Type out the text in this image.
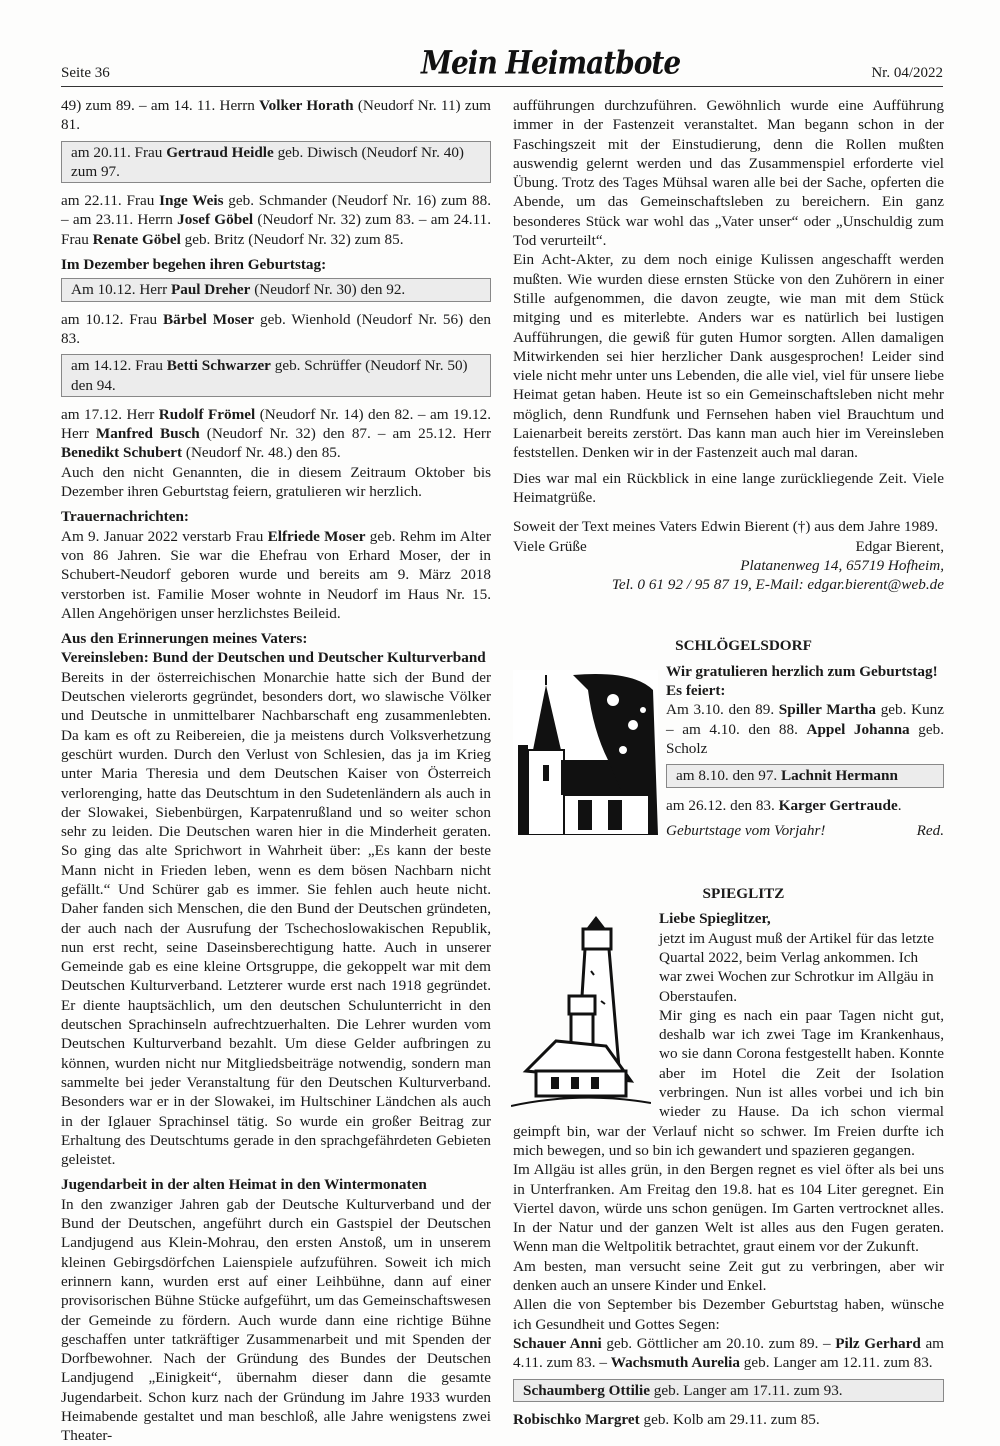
Seite 36	Mein Heimatbote	Nr. 04/2022

49) zum 89. – am 14. 11. Herrn Volker Horath (Neudorf Nr. 11) zum 81.

am 20.11. Frau Gertraud Heidle geb. Diwisch (Neudorf Nr. 40) zum 97.

am 22.11. Frau Inge Weis geb. Schmander (Neudorf Nr. 16) zum 88. – am 23.11. Herrn Josef Göbel (Neudorf Nr. 32) zum 83. – am 24.11. Frau Renate Göbel geb. Britz (Neudorf Nr. 32) zum 85.

Im Dezember begehen ihren Geburtstag:
Am 10.12. Herr Paul Dreher (Neudorf Nr. 30) den 92.

am 10.12. Frau Bärbel Moser geb. Wienhold (Neudorf Nr. 56) den 83.

am 14.12. Frau Betti Schwarzer geb. Schrüffer (Neudorf Nr. 50) den 94.

am 17.12. Herr Rudolf Frömel (Neudorf Nr. 14) den 82. – am 19.12. Herr Manfred Busch (Neudorf Nr. 32) den 87. – am 25.12. Herr Benedikt Schubert (Neudorf Nr. 48.) den 85.

Auch den nicht Genannten, die in diesem Zeitraum Oktober bis Dezember ihren Geburtstag feiern, gratulieren wir herzlich.

Trauernachrichten:

Am 9. Januar 2022 verstarb Frau Elfriede Moser geb. Rehm im Alter von 86 Jahren. Sie war die Ehefrau von Erhard Moser, der in Schubert-Neudorf geboren wurde und bereits am 9. März 2018 verstorben ist. Familie Moser wohnte in Neudorf im Haus Nr. 15. Allen Angehörigen unser herzlichstes Beileid.

Aus den Erinnerungen meines Vaters:
Vereinsleben: Bund der Deutschen und Deutscher Kulturverband

Bereits in der österreichischen Monarchie hatte sich der Bund der Deutschen vielerorts gegründet, besonders dort, wo slawische Völker und Deutsche in unmittelbarer Nachbarschaft eng zusammenlebten. Da kam es oft zu Reibereien, die ja meistens durch Volksverhetzung geschürt wurden. Durch den Verlust von Schlesien, das ja im Krieg unter Maria Theresia und dem Deutschen Kaiser von Österreich verlorenging, hatte das Deutschtum in den Sudetenländern als auch in der Slowakei, Siebenbürgen, Karpatenrußland und so weiter schon sehr zu leiden. Die Deutschen waren hier in die Minderheit geraten. So ging das alte Sprichwort in Wahrheit über: „Es kann der beste Mann nicht in Frieden leben, wenn es dem bösen Nachbarn nicht gefällt.“ Und Schürer gab es immer. Sie fehlen auch heute nicht. Daher fanden sich Menschen, die den Bund der Deutschen gründeten, der auch nach der Ausrufung der Tschechoslowakischen Republik, nun erst recht, seine Daseinsberechtigung hatte. Auch in unserer Gemeinde gab es eine kleine Ortsgruppe, die gekoppelt war mit dem Deutschen Kulturverband. Letzterer wurde erst nach 1918 gegründet. Er diente hauptsächlich, um den deutschen Schulunterricht in den deutschen Sprachinseln aufrechtzuerhalten. Die Lehrer wurden vom Deutschen Kulturverband bezahlt. Um diese Gelder aufbringen zu können, wurden nicht nur Mitgliedsbeiträge notwendig, sondern man sammelte bei jeder Veranstaltung für den Deutschen Kulturverband. Besonders war er in der Slowakei, im Hultschiner Ländchen als auch in der Iglauer Sprachinsel tätig. So wurde ein großer Beitrag zur Erhaltung des Deutschtums gerade in den sprachgefährdeten Gebieten geleistet.

Jugendarbeit in der alten Heimat in den Wintermonaten

In den zwanziger Jahren gab der Deutsche Kulturverband und der Bund der Deutschen, angeführt durch ein Gastspiel der Deutschen Landjugend aus Klein-Mohrau, den ersten Anstoß, um in unserem kleinen Gebirgsdörfchen Laienspiele aufzuführen. Soweit ich mich erinnern kann, wurden erst auf einer Leihbühne, dann auf einer provisorischen Bühne Stücke aufgeführt, um das Gemeinschaftswesen der Gemeinde zu fördern. Auch wurde dann eine richtige Bühne geschaffen unter tatkräftiger Zusammenarbeit und mit Spenden der Dorfbewohner. Nach der Gründung des Bundes der Deutschen Landjugend „Einigkeit“, übernahm dieser dann die gesamte Jugendarbeit. Schon kurz nach der Gründung im Jahre 1933 wurden Heimabende gestaltet und man beschloß, alle Jahre wenigstens zwei Theater-

aufführungen durchzuführen. Gewöhnlich wurde eine Aufführung immer in der Fastenzeit veranstaltet. Man begann schon in der Faschingszeit mit der Einstudierung, denn die Rollen mußten auswendig gelernt werden und das Zusammenspiel erforderte viel Übung. Trotz des Tages Mühsal waren alle bei der Sache, opferten die Abende, um das Gemeinschaftsleben zu bereichern. Ein ganz besonderes Stück war wohl das „Vater unser“ oder „Unschuldig zum Tod verurteilt“.

Ein Acht-Akter, zu dem noch einige Kulissen angeschafft werden mußten. Wie wurden diese ernsten Stücke von den Zuhörern in einer Stille aufgenommen, die davon zeugte, wie man mit dem Stück mitging und es miterlebte. Anders war es natürlich bei lustigen Aufführungen, die gewiß für guten Humor sorgten. Allen damaligen Mitwirkenden sei hier herzlicher Dank ausgesprochen! Leider sind viele nicht mehr unter uns Lebenden, die alle viel, viel für unsere liebe Heimat getan haben. Heute ist so ein Gemeinschaftsleben nicht mehr möglich, denn Rundfunk und Fernsehen haben viel Brauchtum und Laienarbeit bereits zerstört. Das kann man auch hier im Vereinsleben feststellen. Denken wir in der Fastenzeit auch mal daran.

Dies war mal ein Rückblick in eine lange zurückliegende Zeit. Viele Heimatgrüße.

Soweit der Text meines Vaters Edwin Bierent (†) aus dem Jahre 1989.

Viele Grüße	Edgar Bierent,
Platanenweg 14, 65719 Hofheim,
Tel. 0 61 92 / 95 87 19, E-Mail: edgar.bierent@web.de
SCHLÖGELSDORF
Wir gratulieren herzlich zum Geburtstag!
Es feiert:

Am 3.10. den 89. Spiller Martha geb. Kunz – am 4.10. den 88. Appel Johanna geb. Scholz

am 8.10. den 97. Lachnit Hermann

am 26.12. den 83. Karger Gertraude.

Geburtstage vom Vorjahr!	Red.
SPIEGLITZ
Liebe Spieglitzer,

jetzt im August muß der Artikel für das letzte Quartal 2022, beim Verlag ankommen. Ich war zwei Wochen zur Schrotkur im Allgäu in Oberstaufen.

Mir ging es nach ein paar Tagen nicht gut, deshalb war ich zwei Tage im Krankenhaus, wo sie dann Corona festgestellt haben. Konnte aber im Hotel die Zeit der Isolation verbringen. Nun ist alles vorbei und ich bin wieder zu Hause. Da ich schon viermal geimpft bin, war der Verlauf nicht so schwer. Im Freien durfte ich mich bewegen, und so bin ich gewandert und spazieren gegangen.

Im Allgäu ist alles grün, in den Bergen regnet es viel öfter als bei uns in Unterfranken. Am Freitag den 19.8. hat es 104 Liter geregnet. Ein Viertel davon, würde uns schon genügen. Im Garten vertrocknet alles. In der Natur und der ganzen Welt ist alles aus den Fugen geraten. Wenn man die Weltpolitik betrachtet, graut einem vor der Zukunft.

Am besten, man versucht seine Zeit gut zu verbringen, aber wir denken auch an unsere Kinder und Enkel.

Allen die von September bis Dezember Geburtstag haben, wünsche ich Gesundheit und Gottes Segen:

Schauer Anni geb. Göttlicher am 20.10. zum 89. – Pilz Gerhard am 4.11. zum 83. – Wachsmuth Aurelia geb. Langer am 12.11. zum 83.

Schaumberg Ottilie geb. Langer am 17.11. zum 93.

Robischko Margret geb. Kolb am 29.11. zum 85.
